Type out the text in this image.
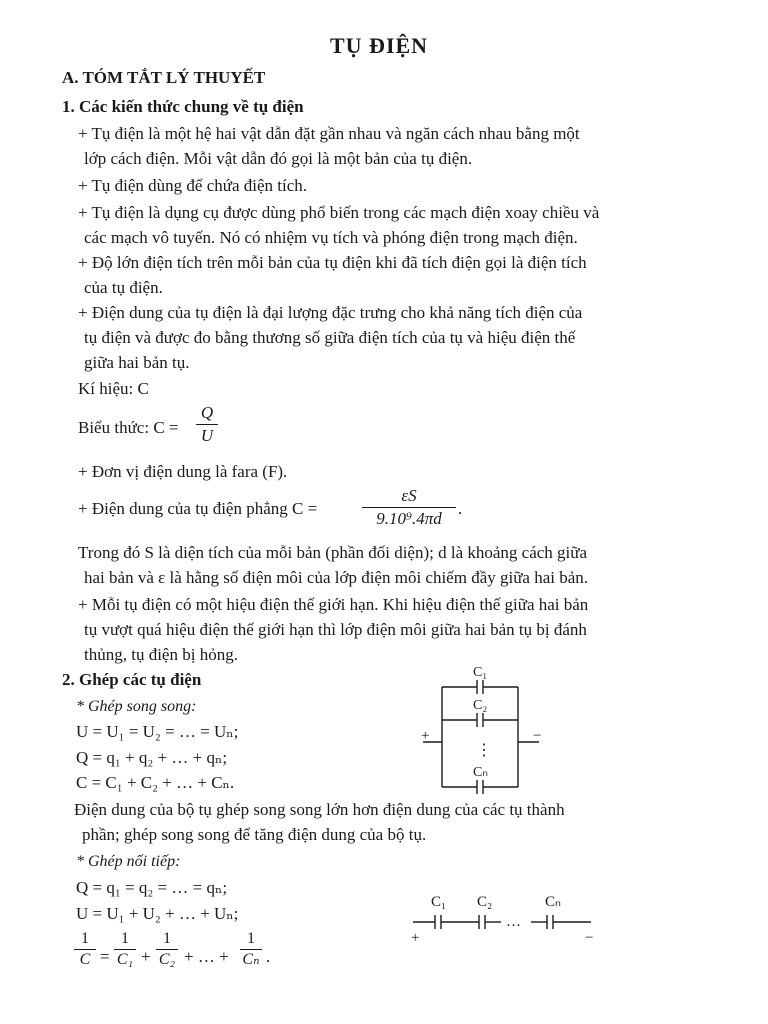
TỤ ĐIỆN
A. TÓM TẮT LÝ THUYẾT
1. Các kiến thức chung về tụ điện
+ Tụ điện là một hệ hai vật dẫn đặt gần nhau và ngăn cách nhau bằng một
lớp cách điện. Mỗi vật dẫn đó gọi là một bản của tụ điện.
+ Tụ điện dùng để chứa điện tích.
+ Tụ điện là dụng cụ được dùng phổ biến trong các mạch điện xoay chiều và
các mạch vô tuyến. Nó có nhiệm vụ tích và phóng điện trong mạch điện.
+ Độ lớn điện tích trên mỗi bản của tụ điện khi đã tích điện gọi là điện tích
của tụ điện.
+ Điện dung của tụ điện là đại lượng đặc trưng cho khả năng tích điện của
tụ điện và được đo bằng thương số giữa điện tích của tụ và hiệu điện thế
giữa hai bản tụ.
Kí hiệu: C
Biểu thức: C =
Q
U
+ Đơn vị điện dung là fara (F).
+ Điện dung của tụ điện phẳng C =
εS
9.10⁹.4πd
.
Trong đó S là diện tích của mỗi bản (phần đối diện); d là khoảng cách giữa
hai bản và ε là hằng số điện môi của lớp điện môi chiếm đầy giữa hai bản.
+ Mỗi tụ điện có một hiệu điện thế giới hạn. Khi hiệu điện thế giữa hai bản
tụ vượt quá hiệu điện thế giới hạn thì lớp điện môi giữa hai bản tụ bị đánh
thủng, tụ điện bị hỏng.
2. Ghép các tụ điện
* Ghép song song:
U = U₁ = U₂ = … = Uₙ;
Q = q₁ + q₂ + … + qₙ;
C = C₁ + C₂ + … + Cₙ.
Điện dung của bộ tụ ghép song song lớn hơn điện dung của các tụ thành
phần; ghép song song để tăng điện dung của bộ tụ.
* Ghép nối tiếp:
Q = q₁ = q₂ = … = qₙ;
U = U₁ + U₂ + … + Uₙ;
1
C =
1
C₁ +
1
C₂ + … +
1
Cₙ .
C₁
C₂
⋮
Cₙ
+	−
C₁ C₂	Cₙ
…
+	−
